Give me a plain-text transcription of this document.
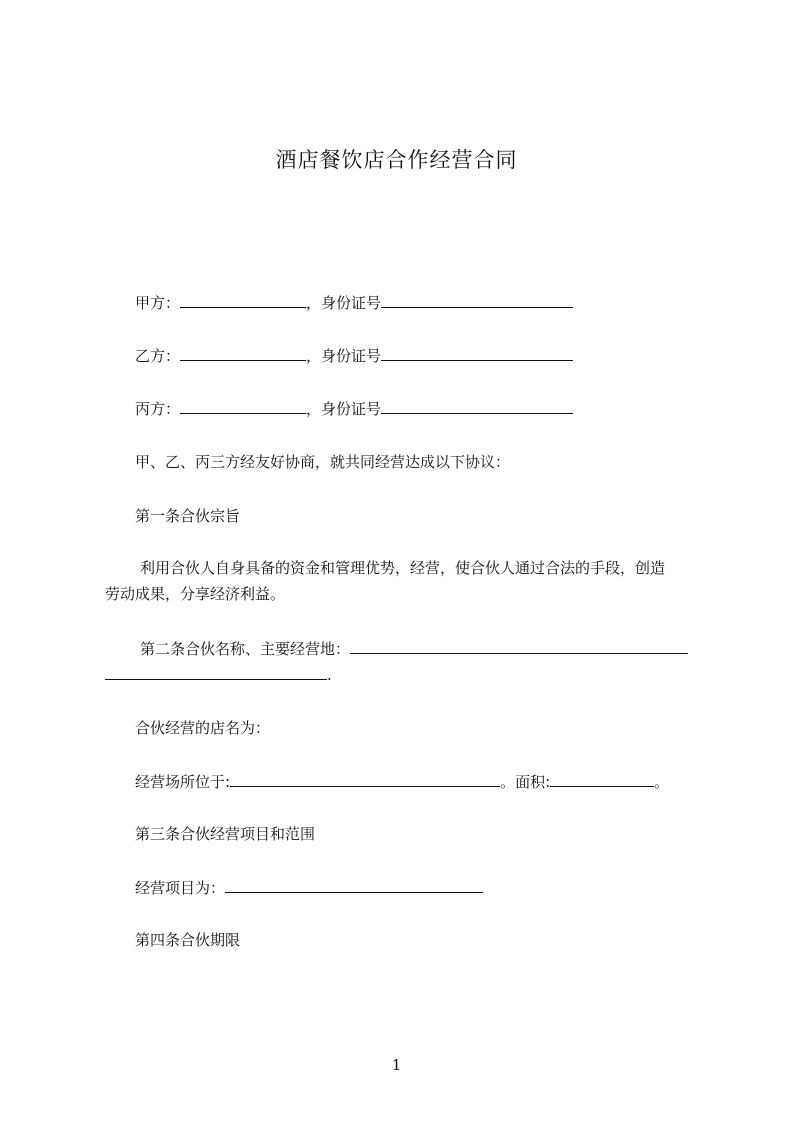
酒店餐饮店合作经营合同
甲方：	，身份证号
乙方：	，身份证号
丙方：	，身份证号
甲、乙、丙三方经友好协商，就共同经营达成以下协议：
第一条合伙宗旨
利用合伙人自身具备的资金和管理优势，经营，使合伙人通过合法的手段，创造
劳动成果，分享经济利益。
第二条合伙名称、主要经营地：
.
合伙经营的店名为：
经营场所位于:	。面积:	。
第三条合伙经营项目和范围
经营项目为：
第四条合伙期限
1
